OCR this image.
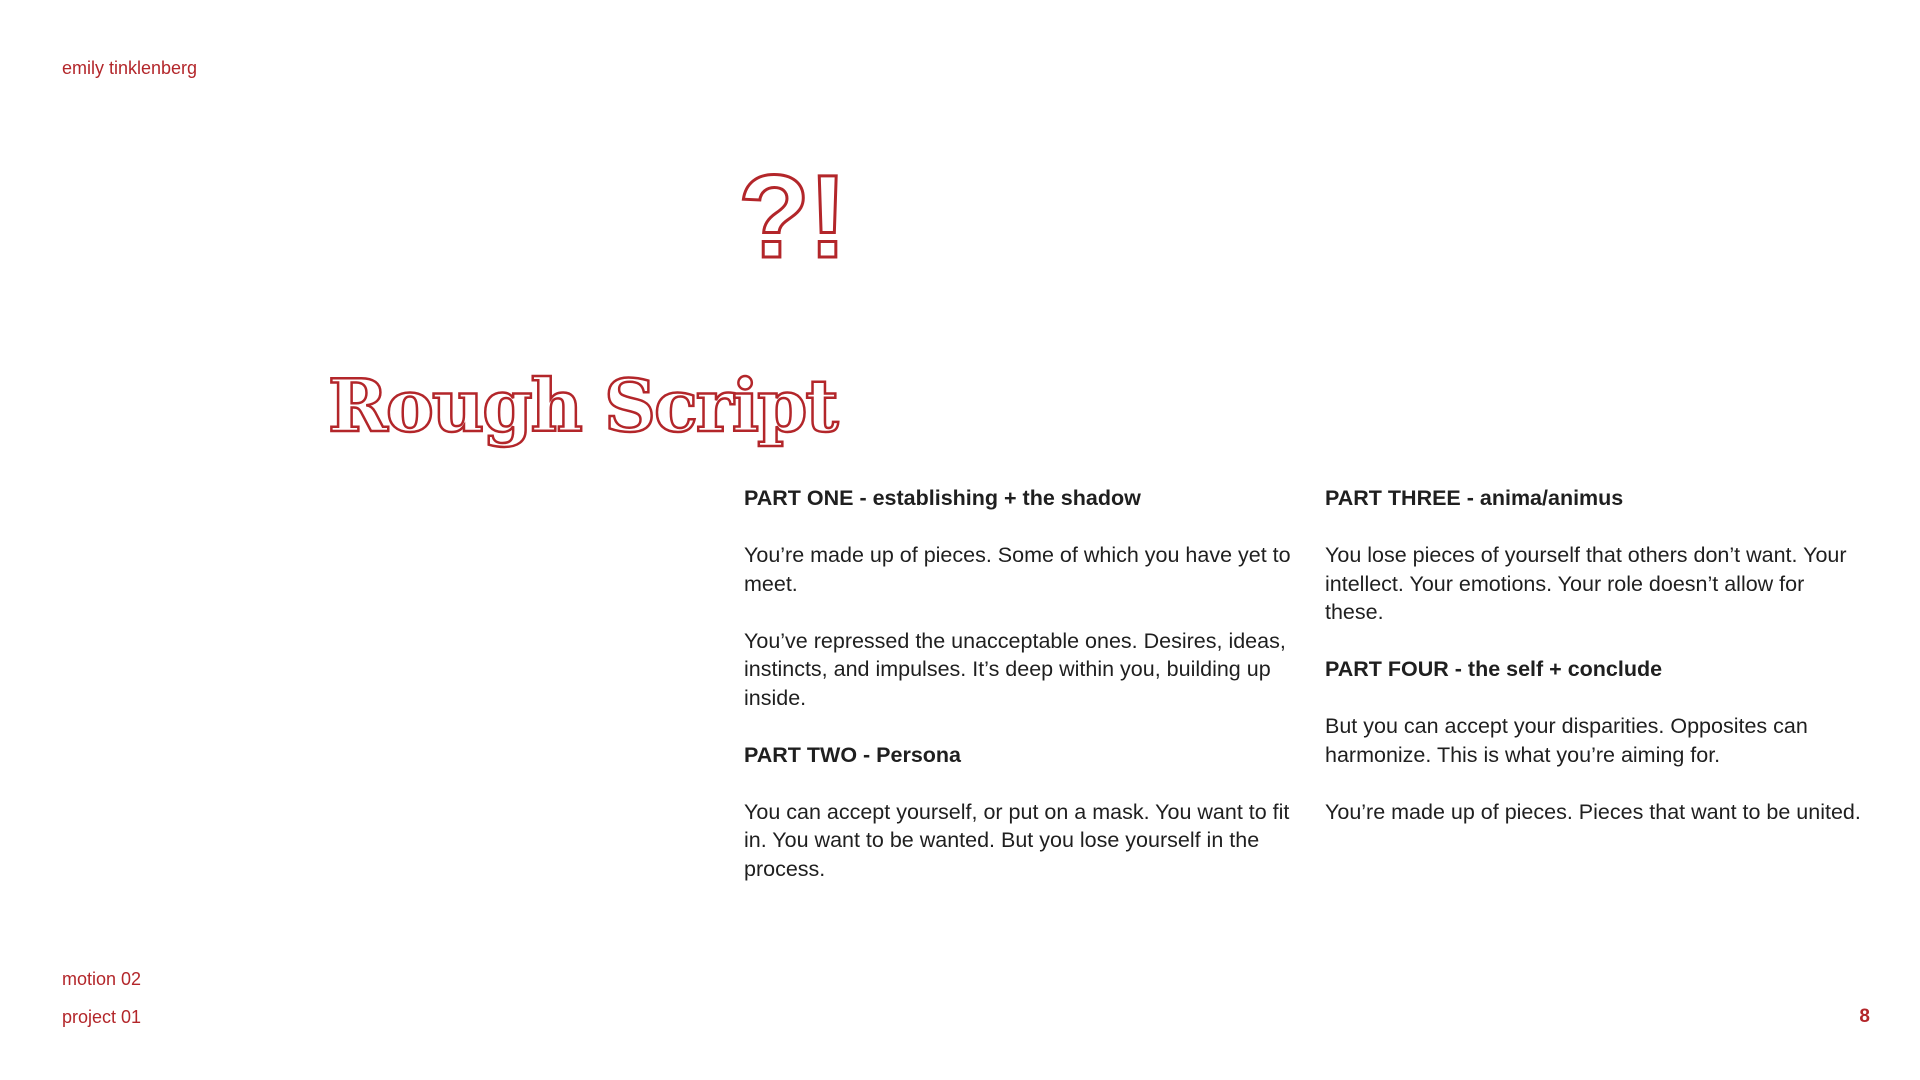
emily tinklenberg
?!
Rough Script

PART ONE - establishing + the shadow

You’re made up of pieces. Some of which you have yet to meet.

You’ve repressed the unacceptable ones. Desires, ideas, instincts, and impulses. It’s deep within you, building up inside.

PART TWO - Persona

You can accept yourself, or put on a mask. You want to fit in. You want to be wanted. But you lose yourself in the process.

PART THREE - anima/animus

You lose pieces of yourself that others don’t want. Your intellect. Your emotions. Your role doesn’t allow for these.

PART FOUR - the self + conclude

But you can accept your disparities. Opposites can harmonize. This is what you’re aiming for.

You’re made up of pieces. Pieces that want to be united.

motion 02
project 01	8
